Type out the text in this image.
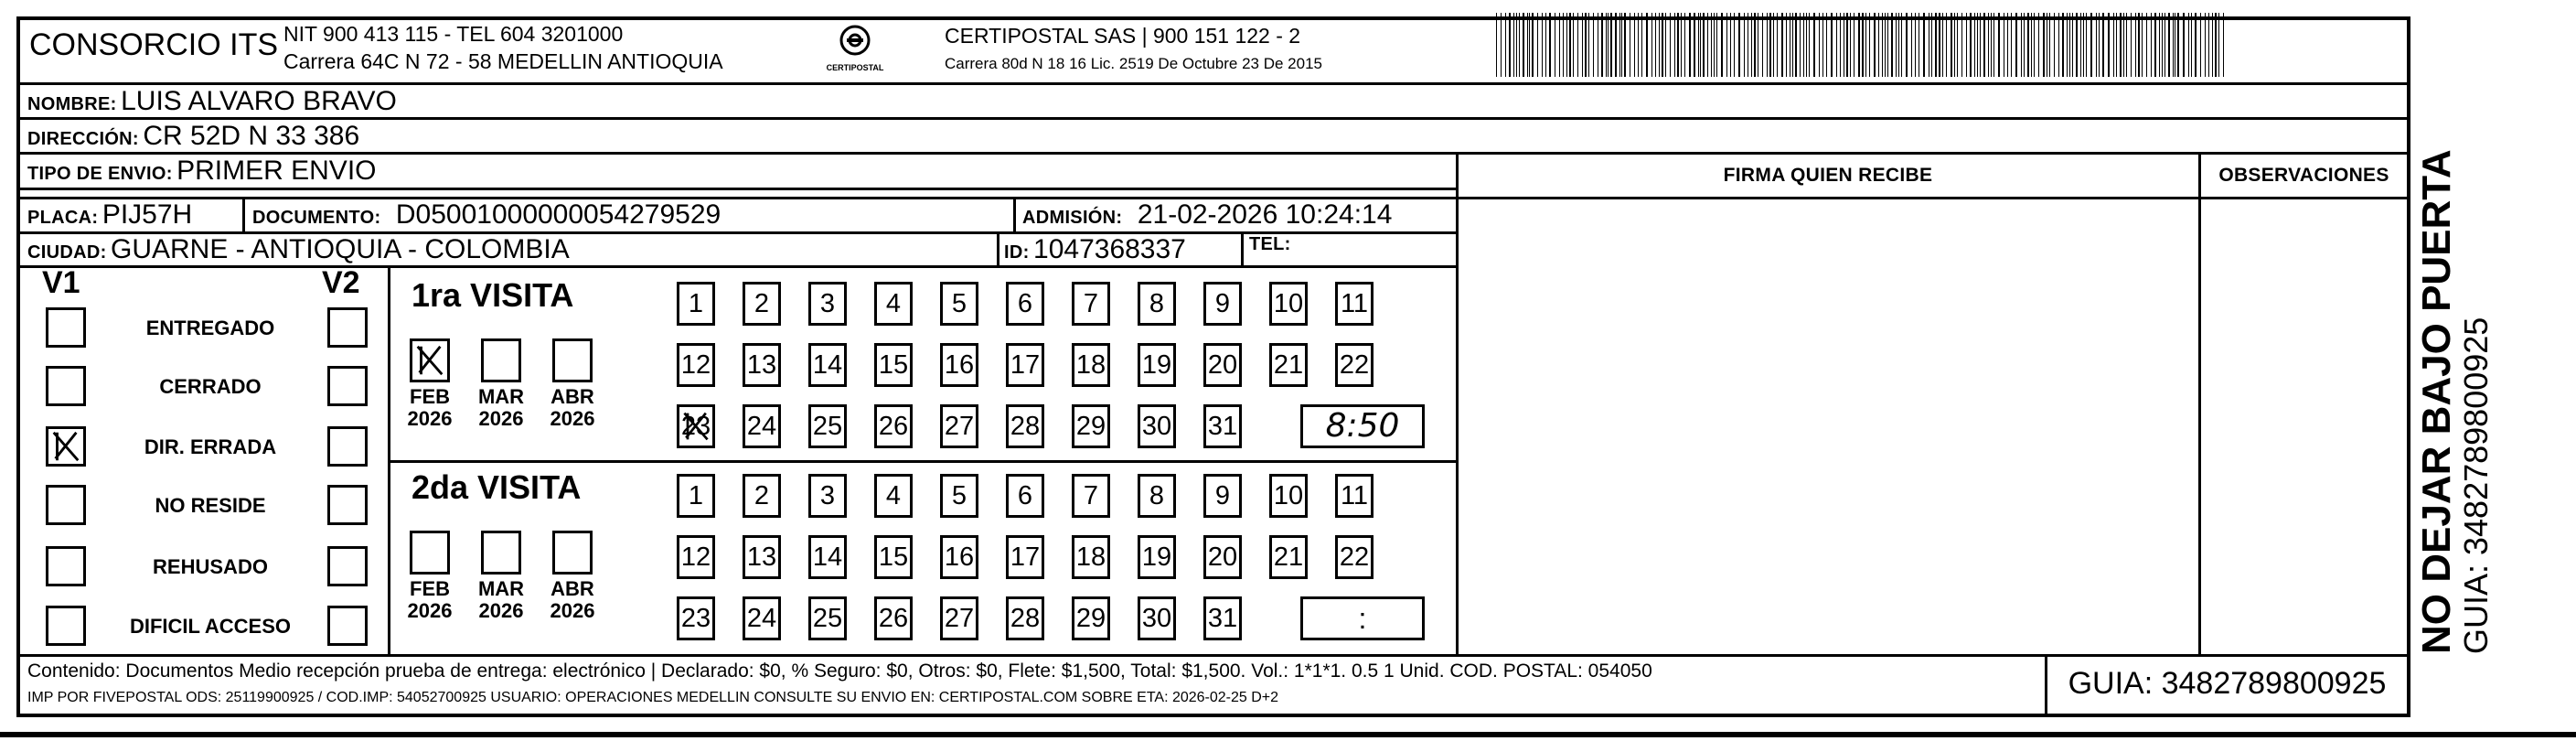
CONSORCIO ITS NIT 900 413 115 - TEL 604 3201000
Carrera 64C N 72 - 58 MEDELLIN ANTIOQUIA	CERTIPOSTAL
CERTIPOSTAL SAS | 900 151 122 - 2
Carrera 80d N 18 16 Lic. 2519 De Octubre 23 De 2015
NOMBRE: LUIS ALVARO BRAVO
DIRECCIÓN: CR 52D N 33 386
TIPO DE ENVIO: PRIMER ENVIO	FIRMA QUIEN RECIBE	OBSERVACIONES
PLACA: PIJ57H	DOCUMENTO: D05001000000054279529	ADMISIÓN: 21-02-2026 10:24:14
CIUDAD: GUARNE - ANTIOQUIA - COLOMBIA	ID: 1047368337	TEL:
V1	V2
ENTREGADO
CERRADO
DIR. ERRADA
NO RESIDE
REHUSADO
DIFICIL ACCESO
1ra VISITA
2da VISITA
FEB
2026
MAR
2026
ABR
2026
FEB
2026
MAR
2026
ABR
2026
1	2	3	4	5	6	7	8	9	10 11
12 13 14 15 16 17 18 19 20 21 22
23 24 25 26 27 28 29 30 31
1	2	3	4	5	6	7	8	9	10 11
12 13 14 15 16 17 18 19 20 21 22
23 24 25 26 27 28 29 30 31
8:50
:
Contenido: Documentos Medio recepción prueba de entrega: electrónico | Declarado: $0, % Seguro: $0, Otros: $0, Flete: $1,500, Total: $1,500. Vol.: 1*1*1. 0.5 1 Unid. COD. POSTAL: 054050
IMP POR FIVEPOSTAL ODS: 25119900925 / COD.IMP: 54052700925 USUARIO: OPERACIONES MEDELLIN CONSULTE SU ENVIO EN: CERTIPOSTAL.COM SOBRE ETA: 2026-02-25 D+2	GUIA: 3482789800925
NO DEJAR BAJO PUERTA
GUIA: 3482789800925
